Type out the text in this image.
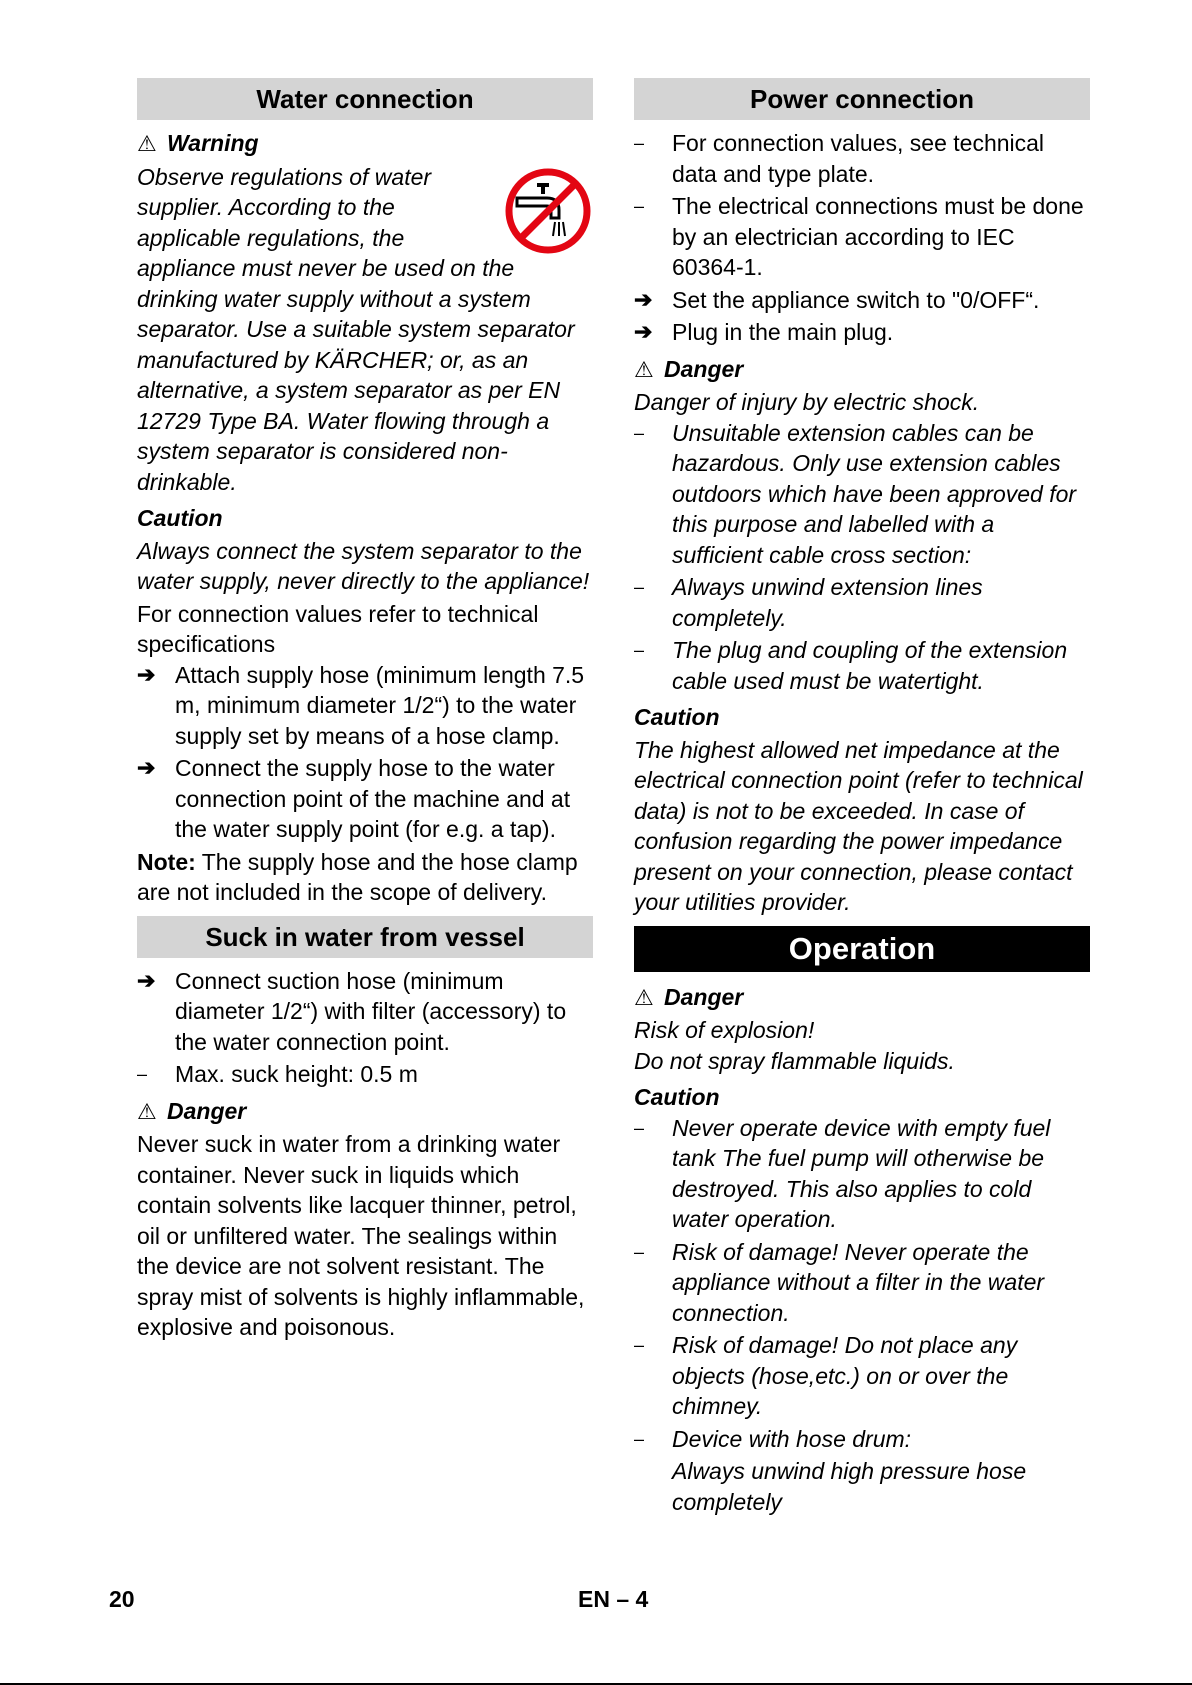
Water connection
⚠ Warning
Observe regulations of water supplier. According to the applicable regulations, the appliance must never be used on the drinking water supply without a system separator. Use a suitable system separator manufactured by KÄRCHER; or, as an alternative, a system separator as per EN 12729 Type BA. Water flowing through a system separator is considered non-drinkable.
Caution
Always connect the system separator to the water supply, never directly to the appliance!
For connection values refer to technical specifications
➔ Attach supply hose (minimum length 7.5 m, minimum diameter 1/2“) to the water supply set by means of a hose clamp.
➔ Connect the supply hose to the water connection point of the machine and at the water supply point (for e.g. a tap).
Note: The supply hose and the hose clamp are not included in the scope of delivery.
Suck in water from vessel
➔ Connect suction hose (minimum diameter 1/2“) with filter (accessory) to the water connection point.
–	Max. suck height: 0.5 m
⚠ Danger
Never suck in water from a drinking water container. Never suck in liquids which contain solvents like lacquer thinner, petrol, oil or unfiltered water. The sealings within the device are not solvent resistant. The spray mist of solvents is highly inflammable, explosive and poisonous.
Power connection
–	For connection values, see technical data and type plate.
–	The electrical connections must be done by an electrician according to IEC 60364-1.
➔ Set the appliance switch to "0/OFF“.
➔ Plug in the main plug.
⚠ Danger
Danger of injury by electric shock.
–	Unsuitable extension cables can be hazardous. Only use extension cables outdoors which have been approved for this purpose and labelled with a sufficient cable cross section:
–	Always unwind extension lines completely.
–	The plug and coupling of the extension cable used must be watertight.
Caution
The highest allowed net impedance at the electrical connection point (refer to technical data) is not to be exceeded. In case of confusion regarding the power impedance present on your connection, please contact your utilities provider.
Operation
⚠ Danger
Risk of explosion!
Do not spray flammable liquids.
Caution
–	Never operate device with empty fuel tank The fuel pump will otherwise be destroyed. This also applies to cold water operation.
–	Risk of damage! Never operate the appliance without a filter in the water connection.
–	Risk of damage! Do not place any objects (hose,etc.) on or over the chimney.
–	Device with hose drum:
Always unwind high pressure hose completely
20	EN – 4
